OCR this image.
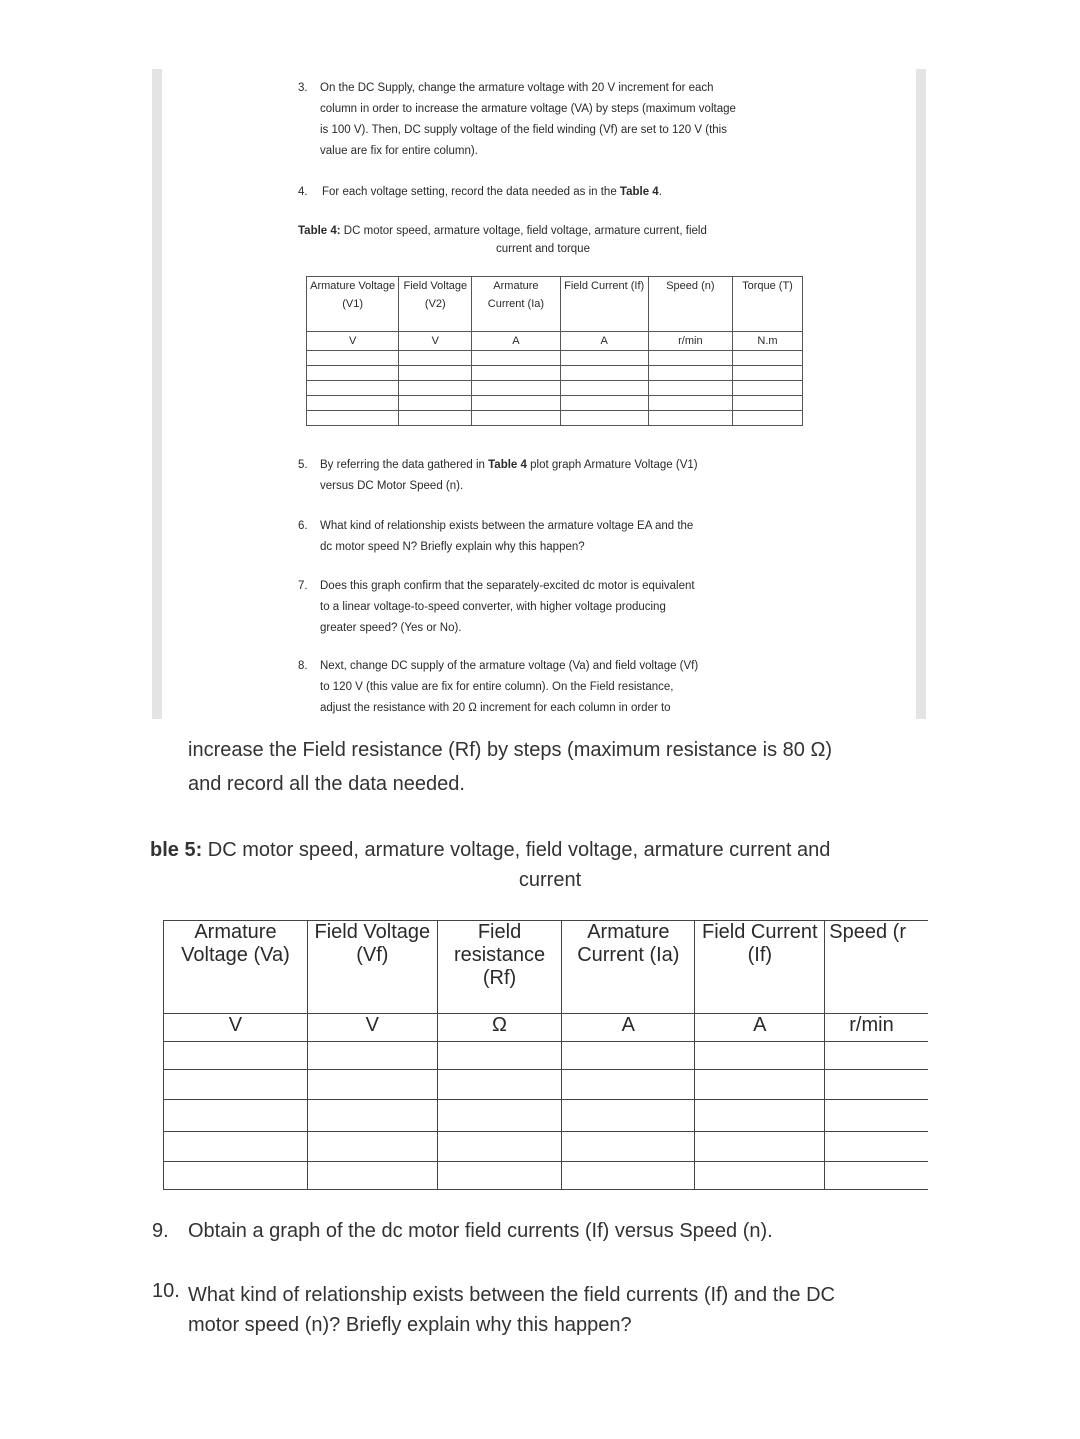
3. On the DC Supply, change the armature voltage with 20 V increment for each
column in order to increase the armature voltage (VA) by steps (maximum voltage
is 100 V). Then, DC supply voltage of the field winding (Vf) are set to 120 V (this
value are fix for entire column).
4. For each voltage setting, record the data needed as in the Table 4.
Table 4: DC motor speed, armature voltage, field voltage, armature current, field
current and torque
Armature Voltage (V1)	Field Voltage (V2)	Armature Current (Ia)	Field Current (If)	Speed (n)	Torque (T)
V	V	A	A	r/min	N.m

5. By referring the data gathered in Table 4 plot graph Armature Voltage (V1)
versus DC Motor Speed (n).
6. What kind of relationship exists between the armature voltage EA and the
dc motor speed N? Briefly explain why this happen?
7. Does this graph confirm that the separately-excited dc motor is equivalent
to a linear voltage-to-speed converter, with higher voltage producing
greater speed? (Yes or No).
8. Next, change DC supply of the armature voltage (Va) and field voltage (Vf)
to 120 V (this value are fix for entire column). On the Field resistance,
adjust the resistance with 20 Ω increment for each column in order to
increase the Field resistance (Rf) by steps (maximum resistance is 80 Ω)
and record all the data needed.
ble 5: DC motor speed, armature voltage, field voltage, armature current and
current
Armature Voltage (Va)	Field Voltage (Vf)	Field resistance (Rf)	Armature Current (Ia)	Field Current (If)	Speed (r
V	V	Ω	A	A	r/min

9. Obtain a graph of the dc motor field currents (If) versus Speed (n).
10. What kind of relationship exists between the field currents (If) and the DC
motor speed (n)? Briefly explain why this happen?
